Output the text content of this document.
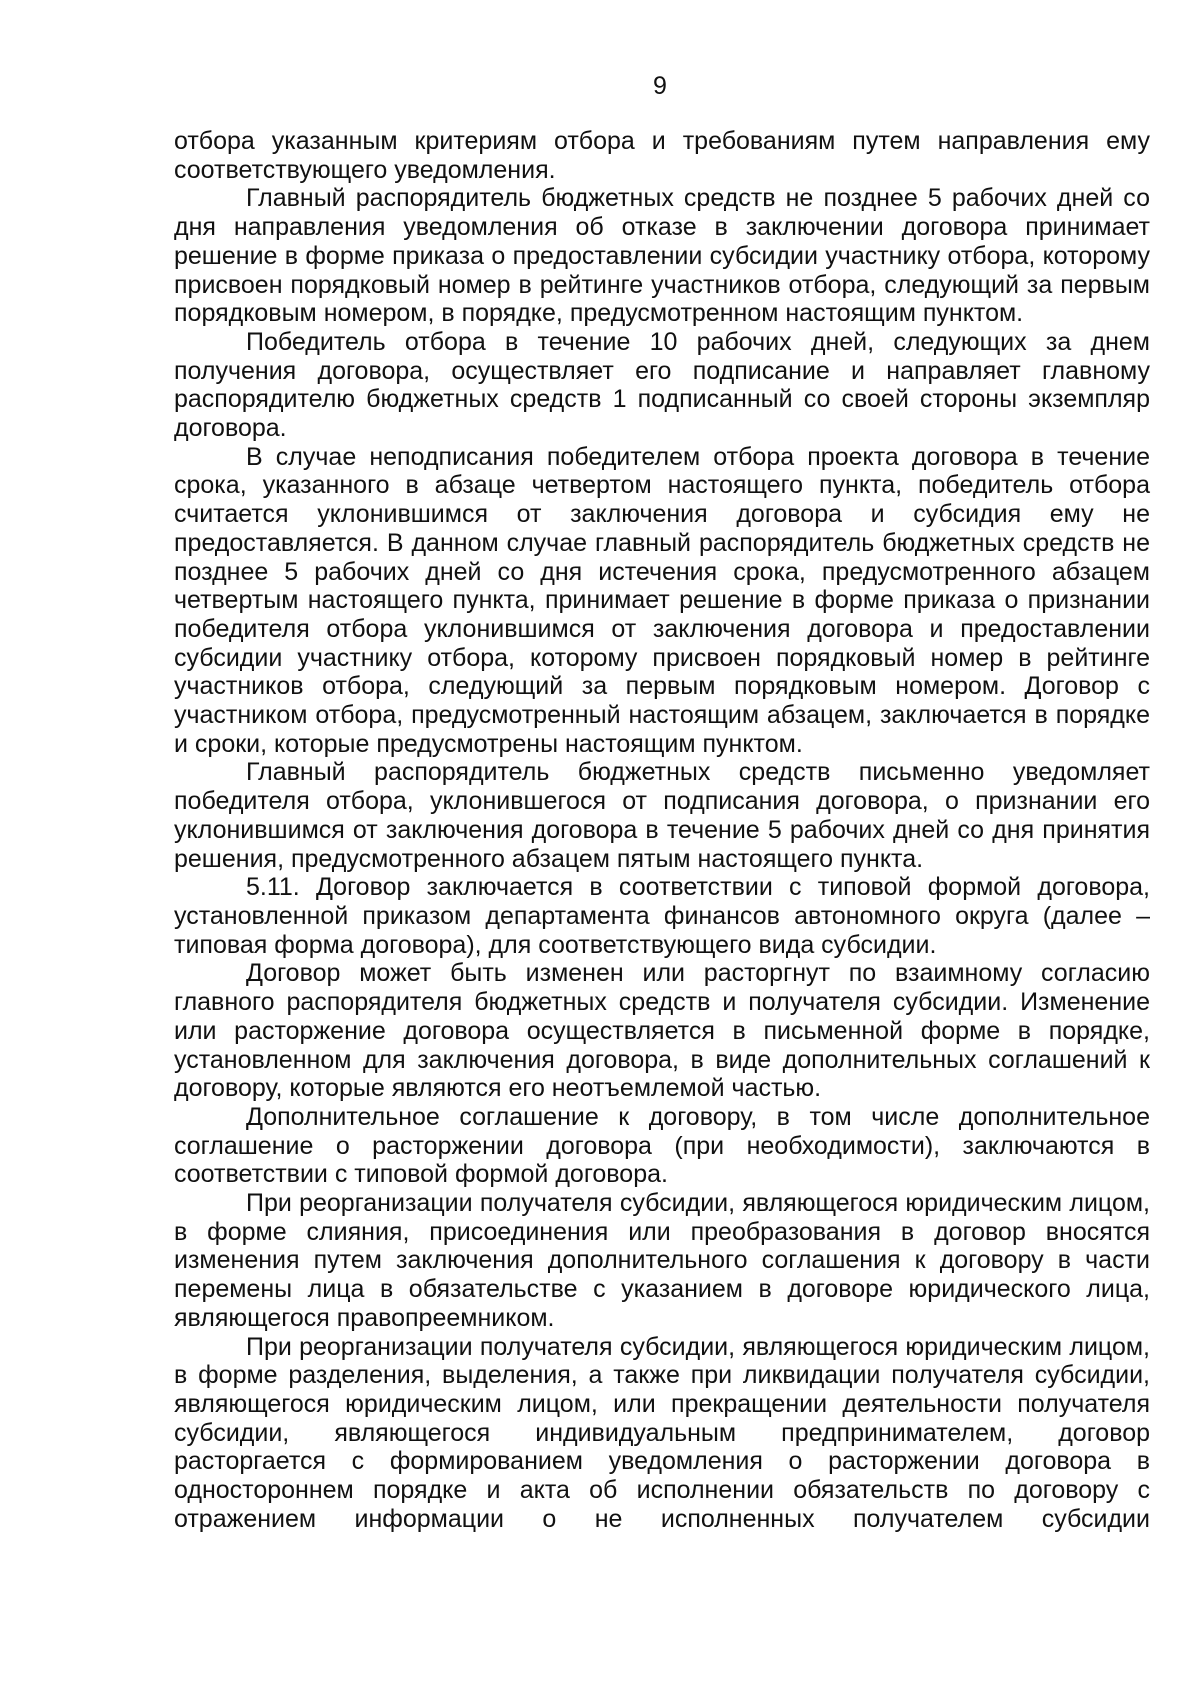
9

отбора указанным критериям отбора и требованиям путем направления ему соответствующего уведомления.

Главный распорядитель бюджетных средств не позднее 5 рабочих дней со дня направления уведомления об отказе в заключении договора принимает решение в форме приказа о предоставлении субсидии участнику отбора, которому присвоен порядковый номер в рейтинге участников отбора, следующий за первым порядковым номером, в порядке, предусмотренном настоящим пунктом.

Победитель отбора в течение 10 рабочих дней, следующих за днем получения договора, осуществляет его подписание и направляет главному распорядителю бюджетных средств 1 подписанный со своей стороны экземпляр договора.

В случае неподписания победителем отбора проекта договора в течение срока, указанного в абзаце четвертом настоящего пункта, победитель отбора считается уклонившимся от заключения договора и субсидия ему не предоставляется. В данном случае главный распорядитель бюджетных средств не позднее 5 рабочих дней со дня истечения срока, предусмотренного абзацем четвертым настоящего пункта, принимает решение в форме приказа о признании победителя отбора уклонившимся от заключения договора и предоставлении субсидии участнику отбора, которому присвоен порядковый номер в рейтинге участников отбора, следующий за первым порядковым номером. Договор с участником отбора, предусмотренный настоящим абзацем, заключается в порядке и сроки, которые предусмотрены настоящим пунктом.

Главный распорядитель бюджетных средств письменно уведомляет победителя отбора, уклонившегося от подписания договора, о признании его уклонившимся от заключения договора в течение 5 рабочих дней со дня принятия решения, предусмотренного абзацем пятым настоящего пункта.

5.11. Договор заключается в соответствии с типовой формой договора, установленной приказом департамента финансов автономного округа (далее – типовая форма договора), для соответствующего вида субсидии.

Договор может быть изменен или расторгнут по взаимному согласию главного распорядителя бюджетных средств и получателя субсидии. Изменение или расторжение договора осуществляется в письменной форме в порядке, установленном для заключения договора, в виде дополнительных соглашений к договору, которые являются его неотъемлемой частью.

Дополнительное соглашение к договору, в том числе дополнительное соглашение о расторжении договора (при необходимости), заключаются в соответствии с типовой формой договора.

При реорганизации получателя субсидии, являющегося юридическим лицом, в форме слияния, присоединения или преобразования в договор вносятся изменения путем заключения дополнительного соглашения к договору в части перемены лица в обязательстве с указанием в договоре юридического лица, являющегося правопреемником.

При реорганизации получателя субсидии, являющегося юридическим лицом, в форме разделения, выделения, а также при ликвидации получателя субсидии, являющегося юридическим лицом, или прекращении деятельности получателя субсидии, являющегося индивидуальным предпринимателем, договор расторгается с формированием уведомления о расторжении договора в одностороннем порядке и акта об исполнении обязательств по договору с отражением информации о не исполненных получателем субсидии
